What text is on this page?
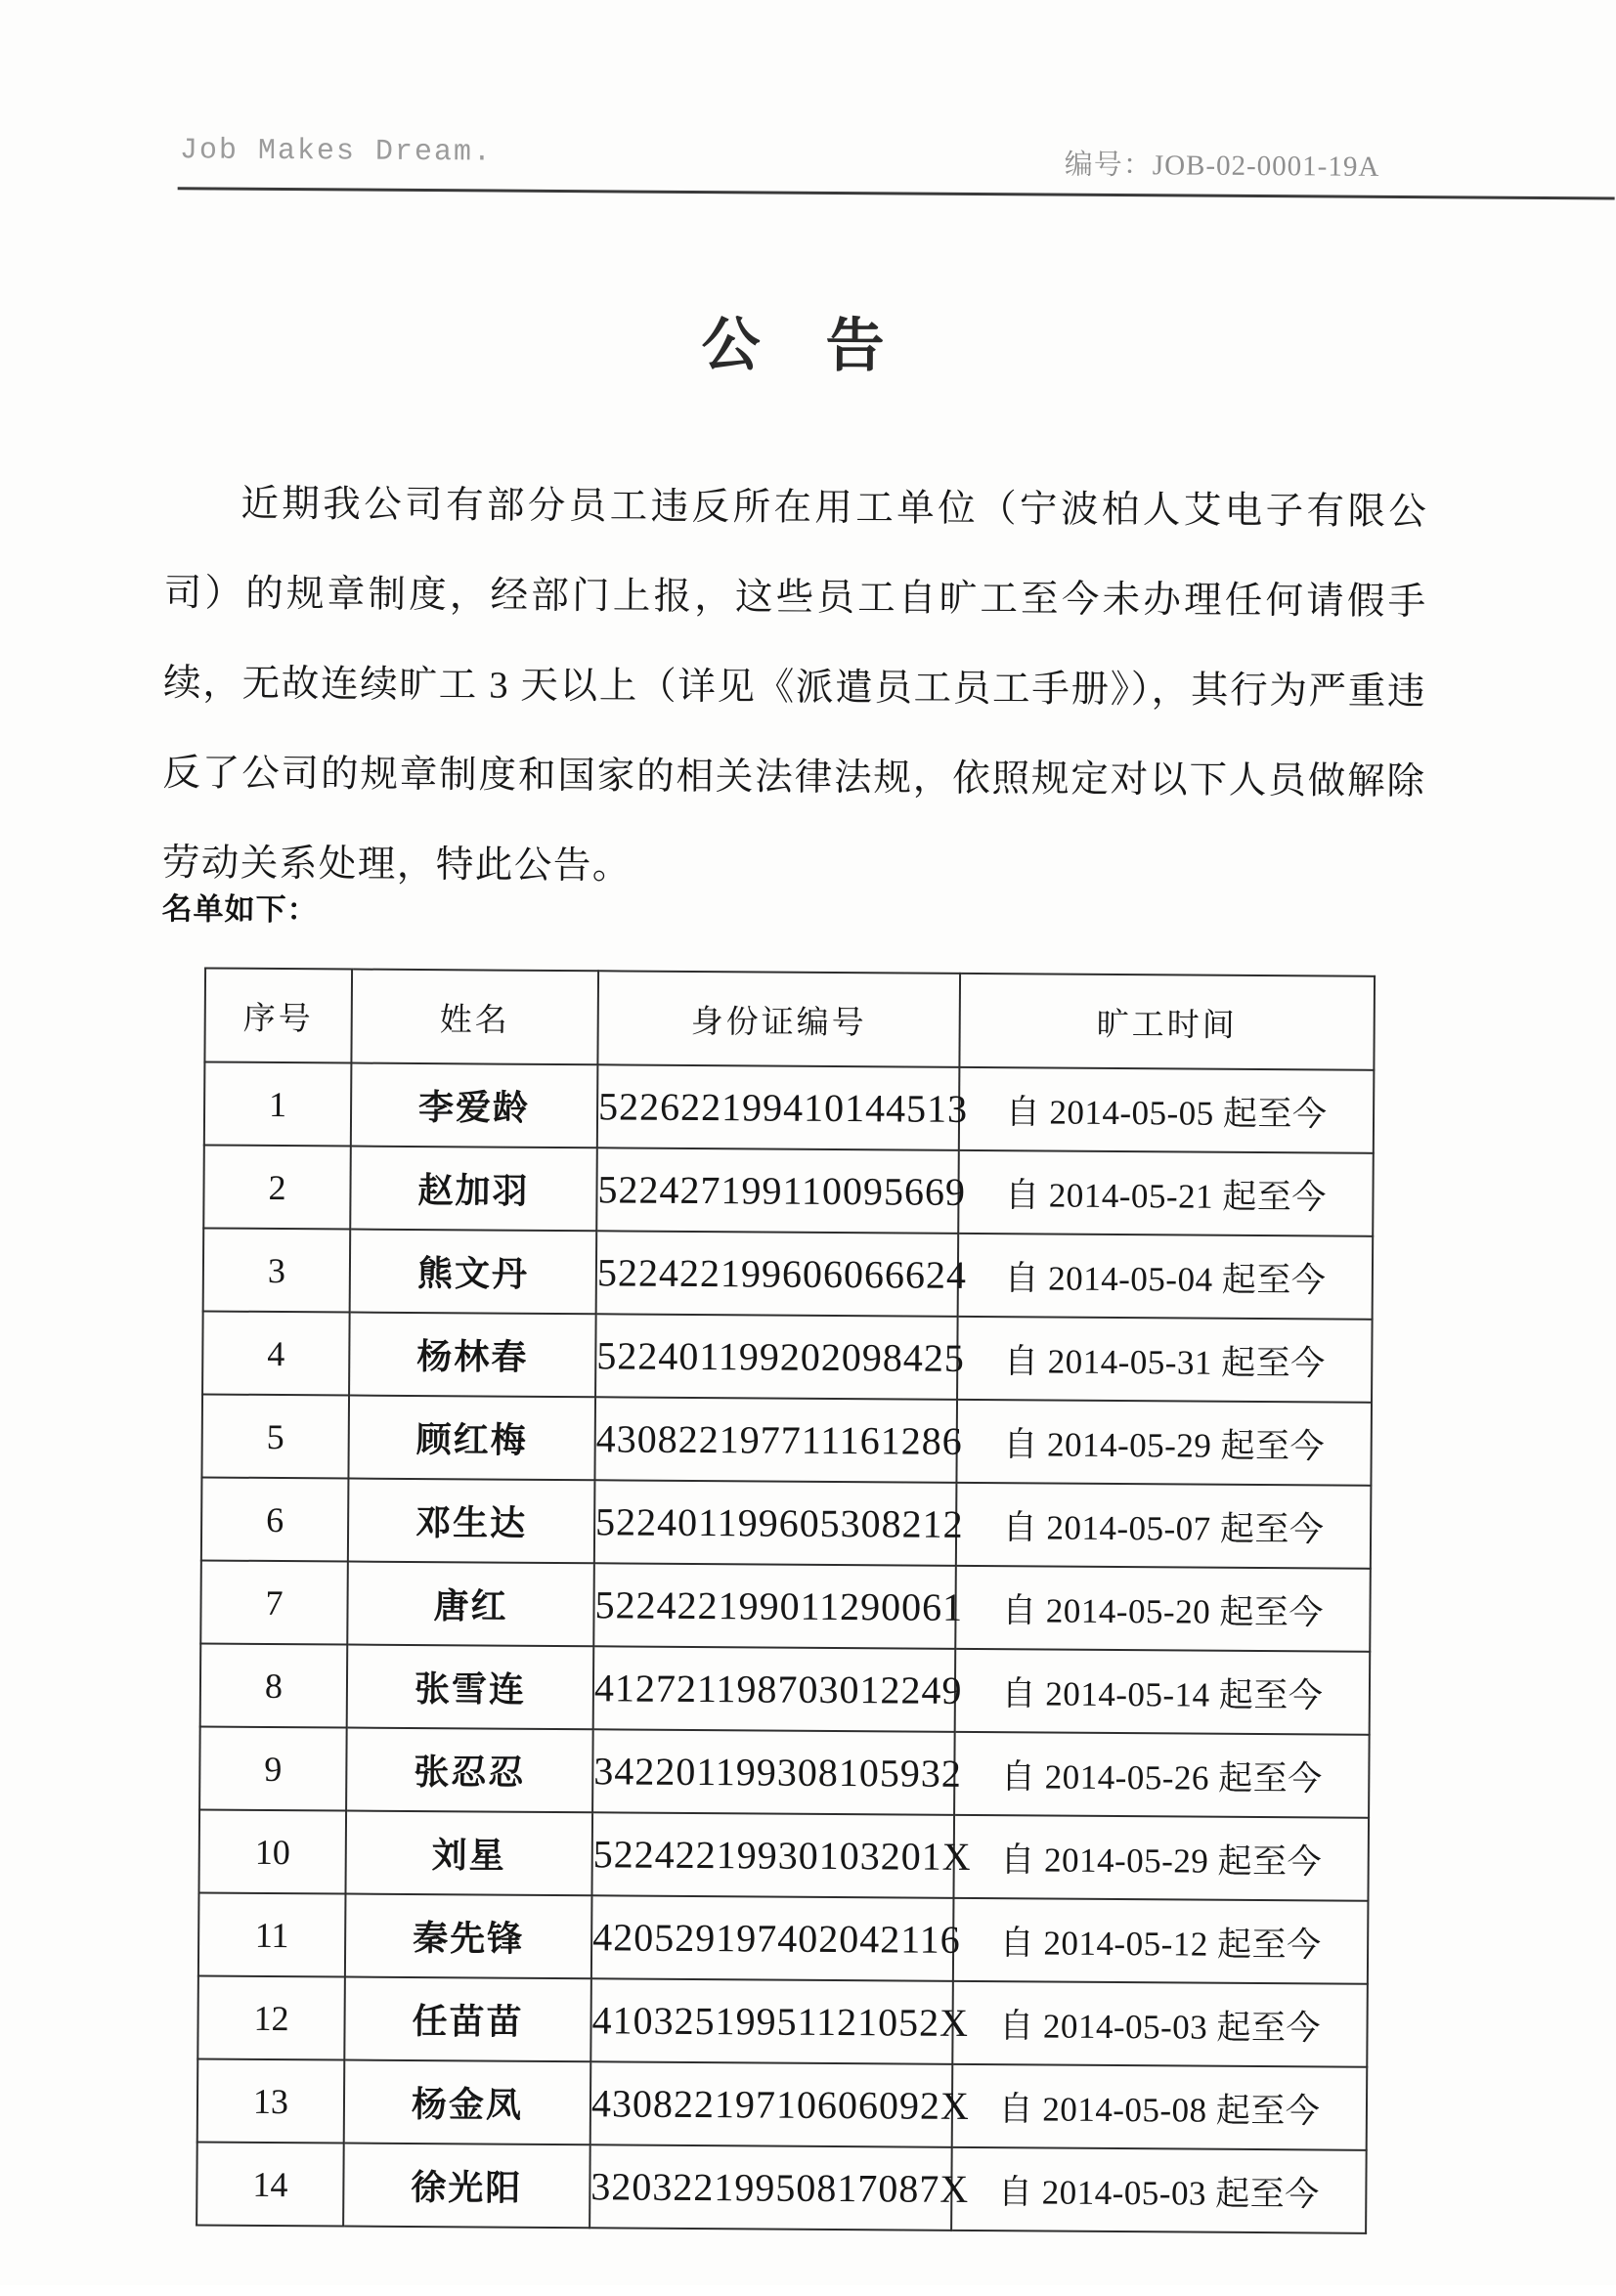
Job Makes Dream.	编号：JOB-02-0001-19A
公 告

近期我公司有部分员工违反所在用工单位（宁波柏人艾电子有限公司）的规章制度，经部门上报，这些员工自旷工至今未办理任何请假手续，无故连续旷工 3 天以上（详见《派遣员工员工手册》），其行为严重违反了公司的规章制度和国家的相关法律法规，依照规定对以下人员做解除劳动关系处理，特此公告。

名单如下：
序号	姓名	身份证编号	旷工时间
1	李爱龄	522622199410144513	自 2014-05-05 起至今
2	赵加羽	522427199110095669	自 2014-05-21 起至今
3	熊文丹	522422199606066624	自 2014-05-04 起至今
4	杨林春	522401199202098425	自 2014-05-31 起至今
5	顾红梅	430822197711161286	自 2014-05-29 起至今
6	邓生达	522401199605308212	自 2014-05-07 起至今
7	唐红	522422199011290061	自 2014-05-20 起至今
8	张雪连	412721198703012249	自 2014-05-14 起至今
9	张忍忍	342201199308105932	自 2014-05-26 起至今
10	刘星	52242219930103201X	自 2014-05-29 起至今
11	秦先锋	420529197402042116	自 2014-05-12 起至今
12	任苗苗	41032519951121052X	自 2014-05-03 起至今
13	杨金凤	43082219710606092X	自 2014-05-08 起至今
14	徐光阳	32032219950817087X	自 2014-05-03 起至今
